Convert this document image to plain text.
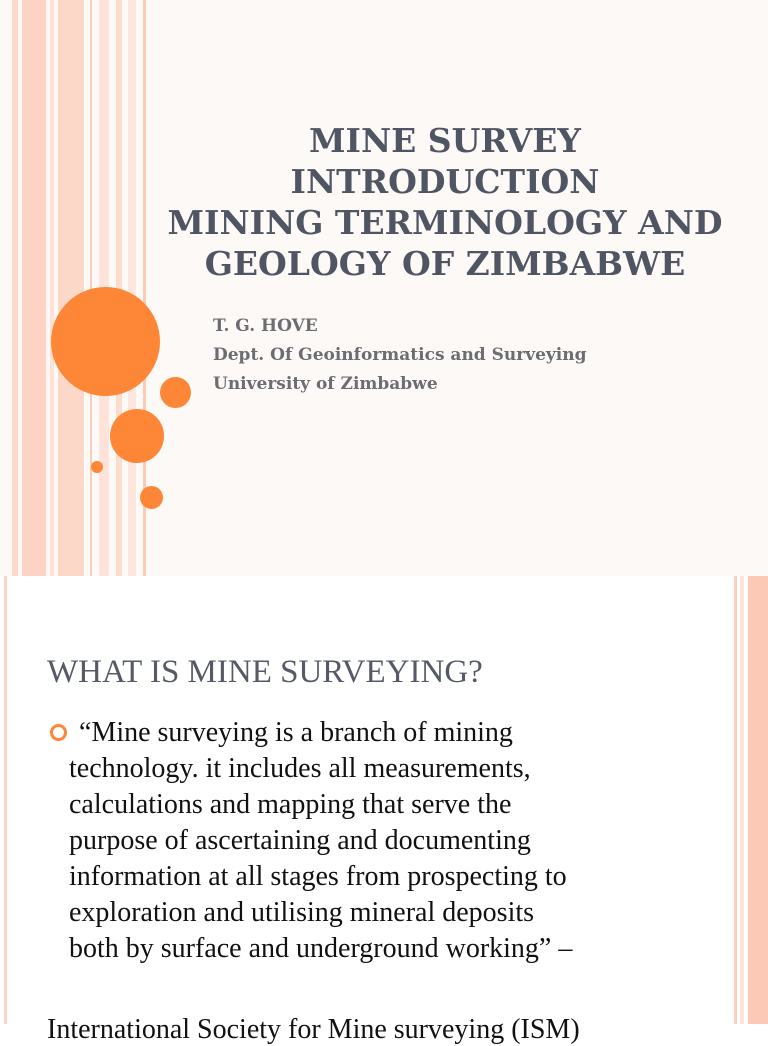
MINE SURVEY
INTRODUCTION
MINING TERMINOLOGY AND
GEOLOGY OF ZIMBABWE
T. G. HOVE
Dept. Of Geoinformatics and Surveying
University of Zimbabwe
WHAT IS MINE SURVEYING?
“Mine surveying is a branch of mining
technology. it includes all measurements,
calculations and mapping that serve the
purpose of ascertaining and documenting
information at all stages from prospecting to
exploration and utilising mineral deposits
both by surface and underground working” –
International Society for Mine surveying (ISM)
